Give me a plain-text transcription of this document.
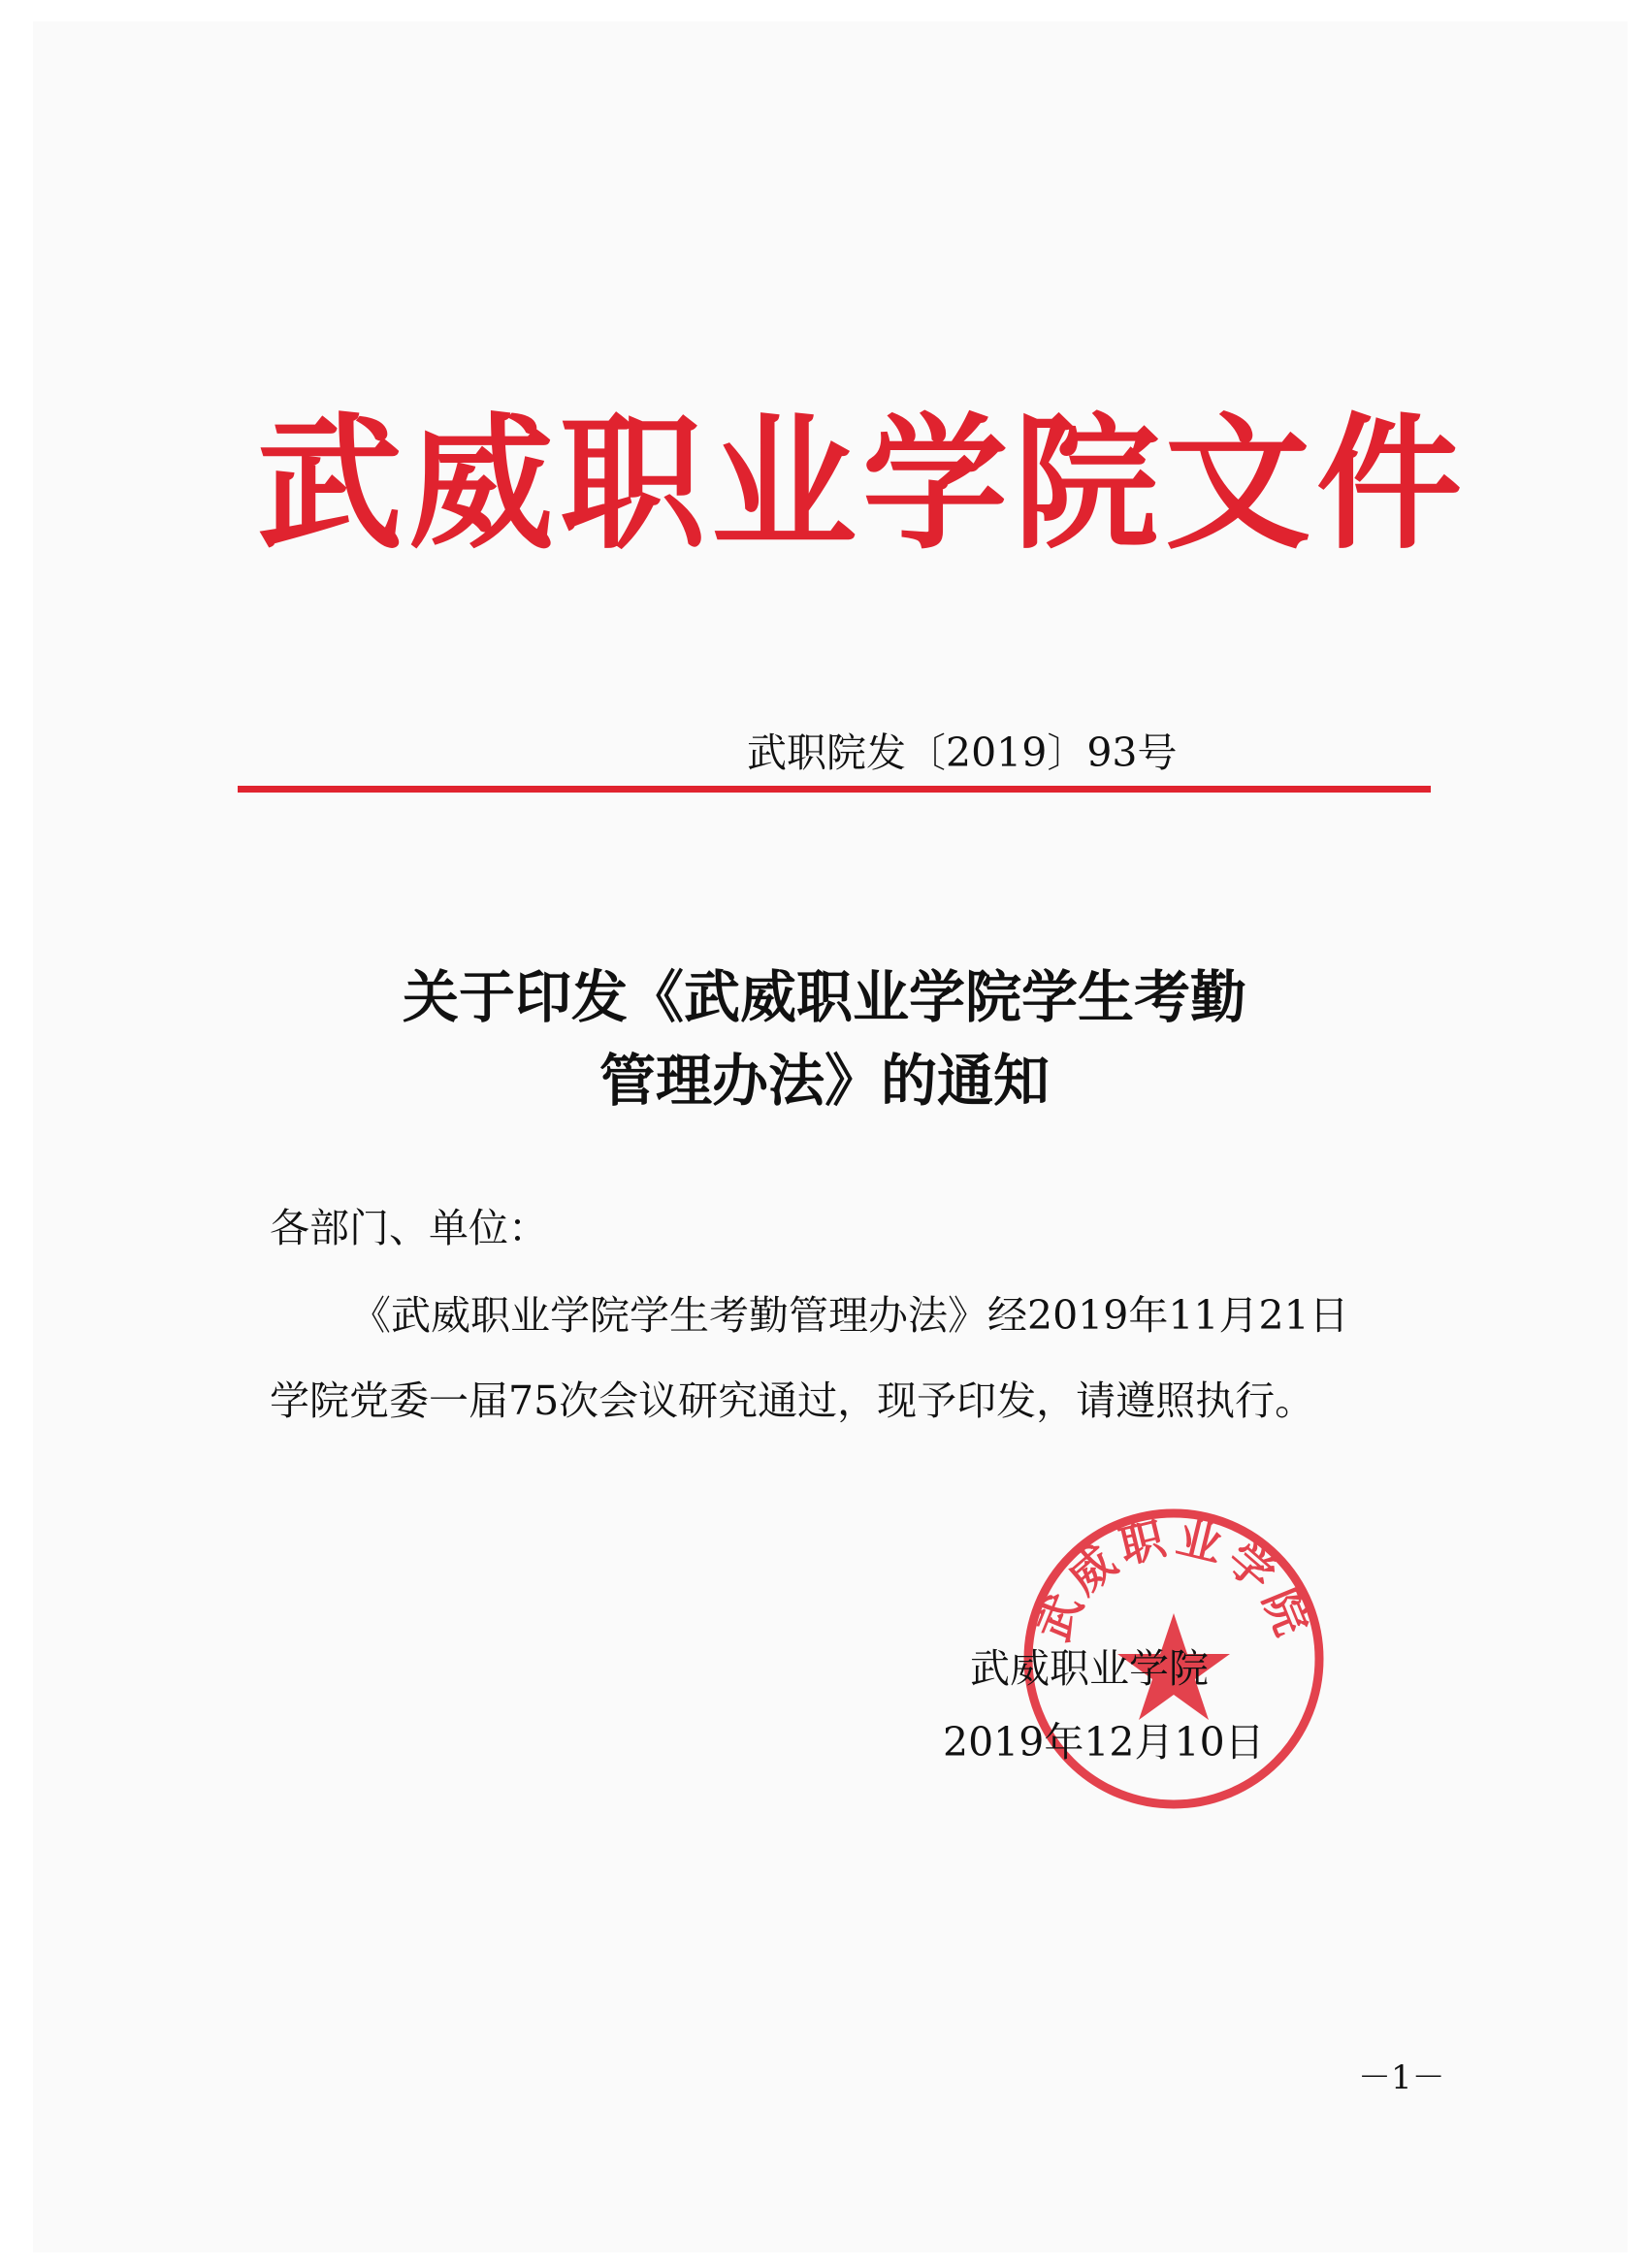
武威职业学院文件
武职院发〔2019〕93号
关于印发《武威职业学院学生考勤
管理办法》的通知
各部门、单位：
《武威职业学院学生考勤管理办法》经2019年11月21日
学院党委一届75次会议研究通过，现予印发，请遵照执行。
武威职业学院
武威职业学院
2019年12月10日
－1－
